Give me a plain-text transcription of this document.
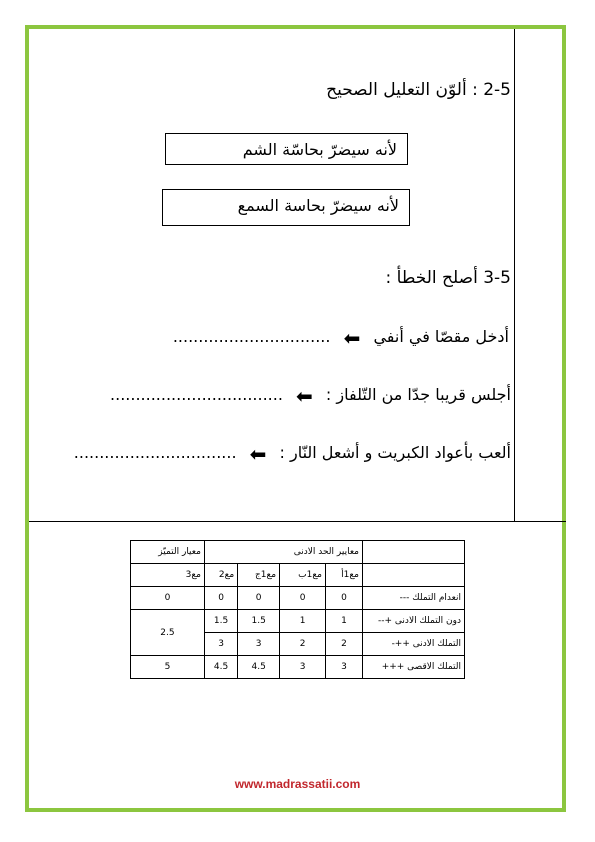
2-5 : ألوّن التعليل الصحيح
لأنه سيضرّ بحاسّة الشم
لأنه سيضرّ بحاسة السمع
3-5 أصلح الخطأ :
أدخل مقصّا في أنفي ⬅ ...............................
أجلس قريبا جدّا من التّلفاز : ⬅ ..................................
ألعب بأعواد الكبريت و أشعل النّار : ⬅ ................................
	معايير الحد الادنى				معيار التميّز
	مع1أ	مع1ب	مع1ج	مع2	مع3
انعدام التملك ---	0	0	0	0	0
دون التملك الادنى +--	1	1	1.5	1.5	2.5
التملك الادنى ++-	2	2	3	3	
التملك الاقصى +++	3	3	4.5	4.5	5
www.madrassatii.com
